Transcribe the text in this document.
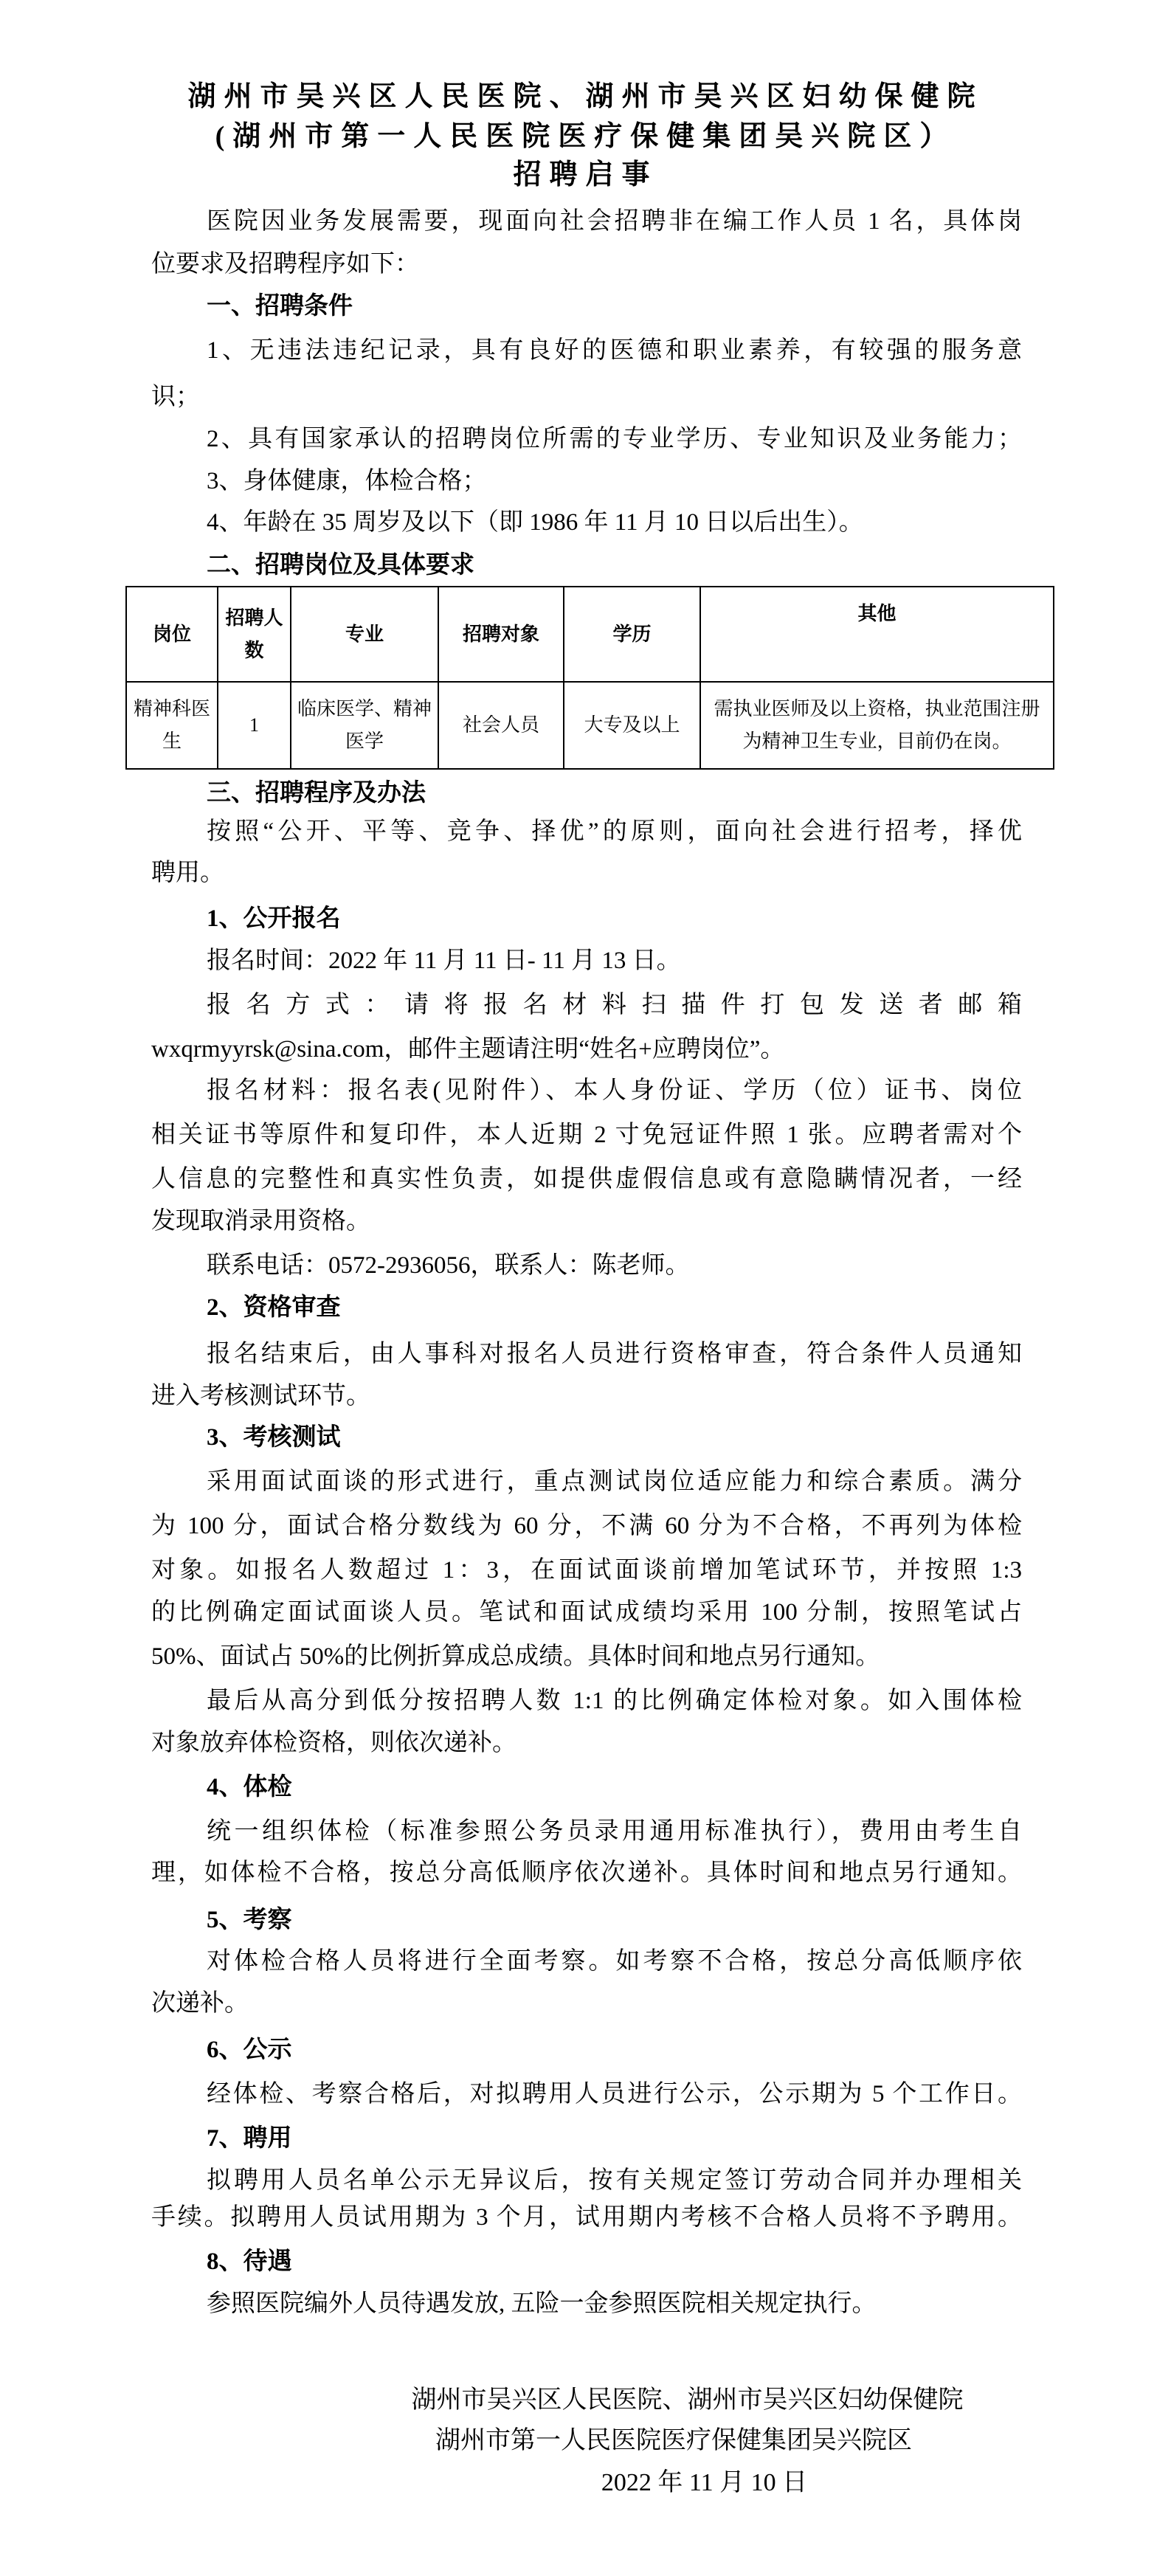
湖州市吴兴区人民医院、湖州市吴兴区妇幼保健院
(湖州市第一人民医院医疗保健集团吴兴院区）
招聘启事
医院因业务发展需要，现面向社会招聘非在编工作人员 1 名，具体岗
位要求及招聘程序如下：
一、招聘条件
1、无违法违纪记录，具有良好的医德和职业素养，有较强的服务意
识；
2、具有国家承认的招聘岗位所需的专业学历、专业知识及业务能力；
3、身体健康，体检合格；
4、年龄在 35 周岁及以下（即 1986 年 11 月 10 日以后出生）。
二、招聘岗位及具体要求
岗位	招聘人数	专业	招聘对象	学历	其他
精神科医生	1	临床医学、精神医学	社会人员	大专及以上	需执业医师及以上资格，执业范围注册为精神卫生专业，目前仍在岗。
三、招聘程序及办法
按照“公开、平等、竞争、择优”的原则，面向社会进行招考，择优
聘用。
1、公开报名
报名时间：2022 年 11 月 11 日- 11 月 13 日。
报名方式：请将报名材料扫描件打包发送者邮箱
wxqrmyyrsk@sina.com，邮件主题请注明“姓名+应聘岗位”。
报名材料：报名表(见附件）、本人身份证、学历（位）证书、岗位
相关证书等原件和复印件，本人近期 2 寸免冠证件照 1 张。应聘者需对个
人信息的完整性和真实性负责，如提供虚假信息或有意隐瞒情况者，一经
发现取消录用资格。
联系电话：0572-2936056，联系人：陈老师。
2、资格审查
报名结束后，由人事科对报名人员进行资格审查，符合条件人员通知
进入考核测试环节。
3、考核测试
采用面试面谈的形式进行，重点测试岗位适应能力和综合素质。满分
为 100 分，面试合格分数线为 60 分，不满 60 分为不合格，不再列为体检
对象。如报名人数超过 1：3，在面试面谈前增加笔试环节，并按照 1:3
的比例确定面试面谈人员。笔试和面试成绩均采用 100 分制，按照笔试占
50%、面试占 50%的比例折算成总成绩。具体时间和地点另行通知。
最后从高分到低分按招聘人数 1:1 的比例确定体检对象。如入围体检
对象放弃体检资格，则依次递补。
4、体检
统一组织体检（标准参照公务员录用通用标准执行），费用由考生自
理，如体检不合格，按总分高低顺序依次递补。具体时间和地点另行通知。
5、考察
对体检合格人员将进行全面考察。如考察不合格，按总分高低顺序依
次递补。
6、公示
经体检、考察合格后，对拟聘用人员进行公示，公示期为 5 个工作日。
7、聘用
拟聘用人员名单公示无异议后，按有关规定签订劳动合同并办理相关
手续。拟聘用人员试用期为 3 个月，试用期内考核不合格人员将不予聘用。
8、待遇
参照医院编外人员待遇发放, 五险一金参照医院相关规定执行。
湖州市吴兴区人民医院、湖州市吴兴区妇幼保健院
湖州市第一人民医院医疗保健集团吴兴院区
2022 年 11 月 10 日
